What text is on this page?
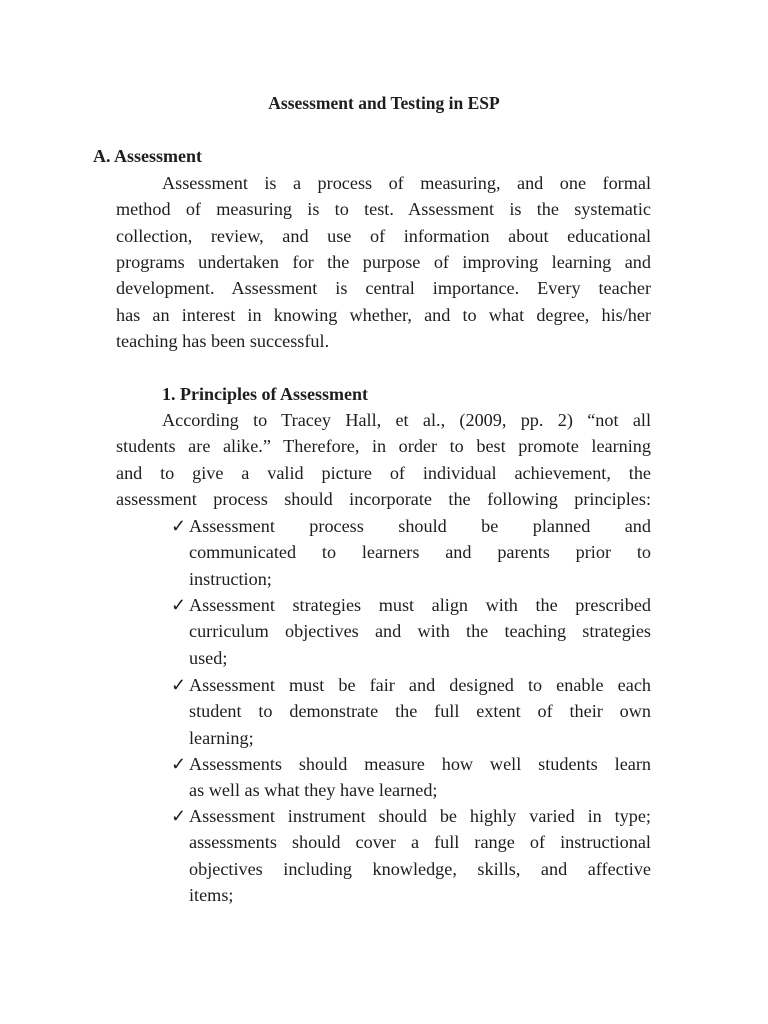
Assessment and Testing in ESP
A. Assessment
Assessment is a process of measuring, and one formal
method of measuring is to test. Assessment is the systematic
collection, review, and use of information about educational
programs undertaken for the purpose of improving learning and
development. Assessment is central importance. Every teacher
has an interest in knowing whether, and to what degree, his/her
teaching has been successful.
1. Principles of Assessment
According to Tracey Hall, et al., (2009, pp. 2) “not all
students are alike.” Therefore, in order to best promote learning
and to give a valid picture of individual achievement, the
assessment process should incorporate the following principles:
✓ Assessment process should be planned and
communicated to learners and parents prior to
instruction;
✓ Assessment strategies must align with the prescribed
curriculum objectives and with the teaching strategies
used;
✓ Assessment must be fair and designed to enable each
student to demonstrate the full extent of their own
learning;
✓ Assessments should measure how well students learn
as well as what they have learned;
✓ Assessment instrument should be highly varied in type;
assessments should cover a full range of instructional
objectives including knowledge, skills, and affective
items;
